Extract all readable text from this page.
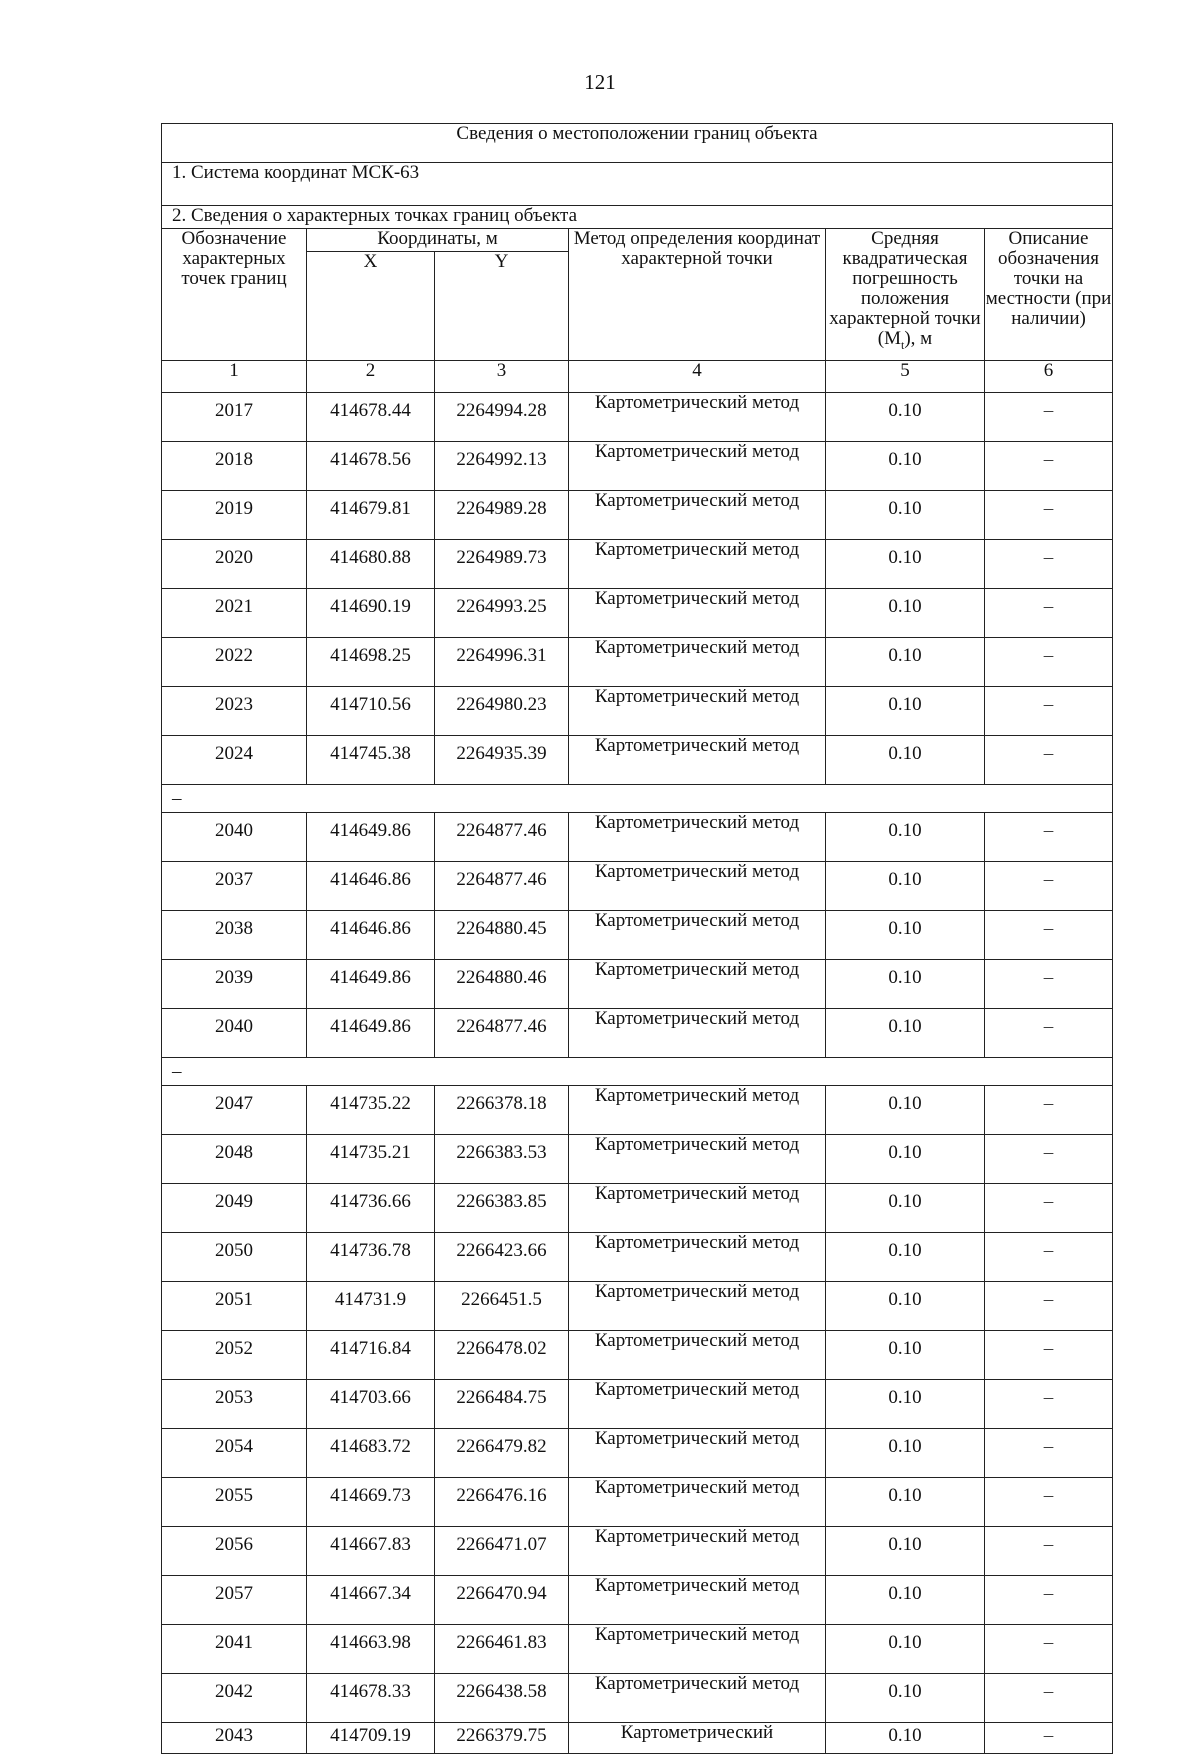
121
Сведения о местоположении границ объекта					
1. Система координат МСК-63					
2. Сведения о характерных точках границ объекта					
Обозначение характерных точек границ	Координаты, м		Метод определения координат характерной точки	Средняя квадратическая погрешность положения характерной точки $(M_t)$, м	Описание обозначения точки на местности (при наличии)
	X	Y			
1	2	3	4	5	6
2017	414678.44	2264994.28	Картометрический метод	0.10	–
2018	414678.56	2264992.13	Картометрический метод	0.10	–
2019	414679.81	2264989.28	Картометрический метод	0.10	–
2020	414680.88	2264989.73	Картометрический метод	0.10	–
2021	414690.19	2264993.25	Картометрический метод	0.10	–
2022	414698.25	2264996.31	Картометрический метод	0.10	–
2023	414710.56	2264980.23	Картометрический метод	0.10	–
2024	414745.38	2264935.39	Картометрический метод	0.10	–
–					
2040	414649.86	2264877.46	Картометрический метод	0.10	–
2037	414646.86	2264877.46	Картометрический метод	0.10	–
2038	414646.86	2264880.45	Картометрический метод	0.10	–
2039	414649.86	2264880.46	Картометрический метод	0.10	–
2040	414649.86	2264877.46	Картометрический метод	0.10	–
–					
2047	414735.22	2266378.18	Картометрический метод	0.10	–
2048	414735.21	2266383.53	Картометрический метод	0.10	–
2049	414736.66	2266383.85	Картометрический метод	0.10	–
2050	414736.78	2266423.66	Картометрический метод	0.10	–
2051	414731.9	2266451.5	Картометрический метод	0.10	–
2052	414716.84	2266478.02	Картометрический метод	0.10	–
2053	414703.66	2266484.75	Картометрический метод	0.10	–
2054	414683.72	2266479.82	Картометрический метод	0.10	–
2055	414669.73	2266476.16	Картометрический метод	0.10	–
2056	414667.83	2266471.07	Картометрический метод	0.10	–
2057	414667.34	2266470.94	Картометрический метод	0.10	–
2041	414663.98	2266461.83	Картометрический метод	0.10	–
2042	414678.33	2266438.58	Картометрический метод	0.10	–
2043	414709.19	2266379.75	Картометрический	0.10	–
